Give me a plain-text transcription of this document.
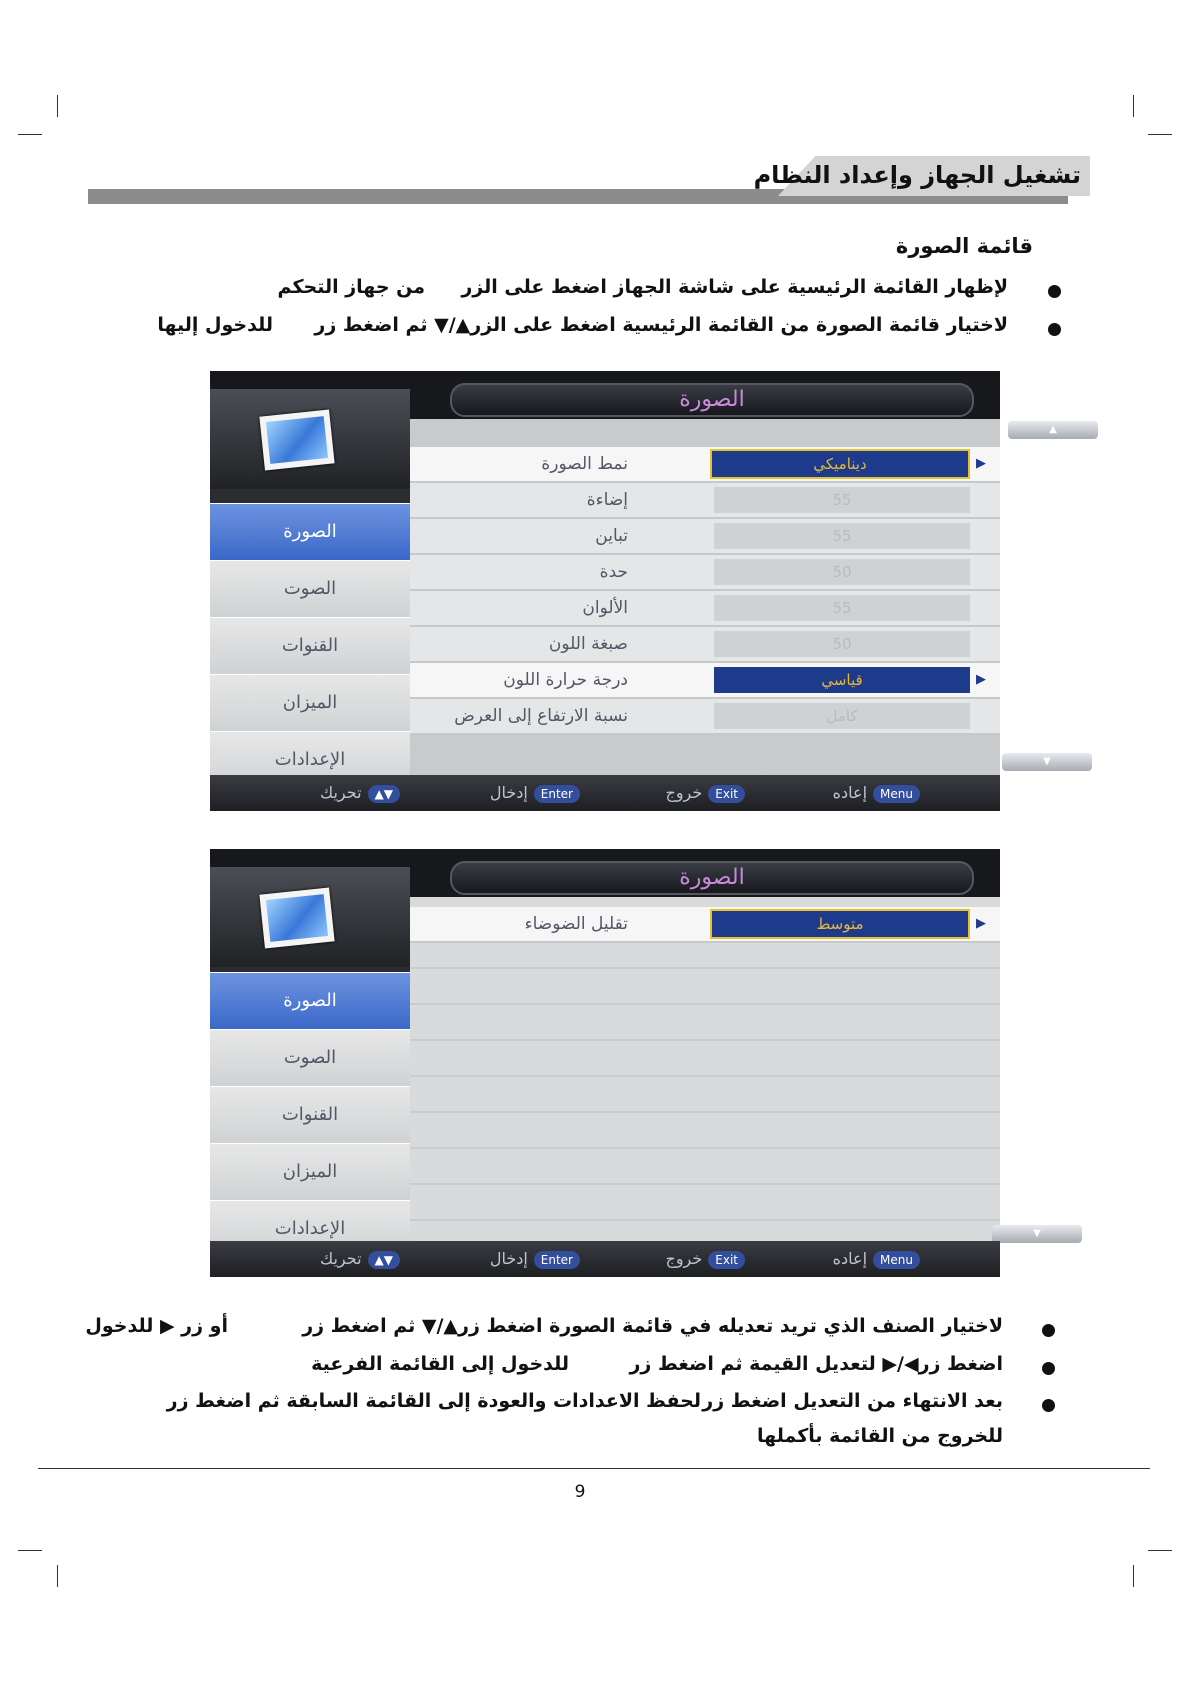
تشغيل الجهاز وإعداد النظام
قائمة الصورة
لإظهار القائمة الرئيسية على شاشة الجهاز اضغط على الزر
من جهاز التحكم
لاختيار قائمة الصورة من القائمة الرئيسية اضغط على الزر▲/▼ ثم اضغط زر
للدخول إليها
الصورة
الصوت
القنوات
الميزان
الإعدادات
▲
نمط الصورة	ديناميكي	▶
إضاءة	55
تباين	55
حدة	50
الألوان	55
صبغة اللون	50
درجة حرارة اللون	قياسي	▶
نسبة الارتفاع إلى العرض	كامل
▼
الصورة
Menuإعاده
Exitخروج
Enterإدخال
▲▼تحريك
الصورة
الصوت
القنوات
الميزان
الإعدادات
تقليل الضوضاء	متوسط	▶
▼
الصورة
Menuإعاده
Exitخروج
Enterإدخال
▲▼تحريك
لاختيار الصنف الذي تريد تعديله في قائمة الصورة اضغط زر▲/▼ ثم اضغط زر
أو زر ▶ للدخول
اضغط زر◀/▶ لتعديل القيمة ثم اضغط زر
للدخول إلى القائمة الفرعية
بعد الانتهاء من التعديل اضغط زر
لحفظ الاعدادات والعودة إلى القائمة السابقة ثم اضغط زر
للخروج من القائمة بأكملها
9
